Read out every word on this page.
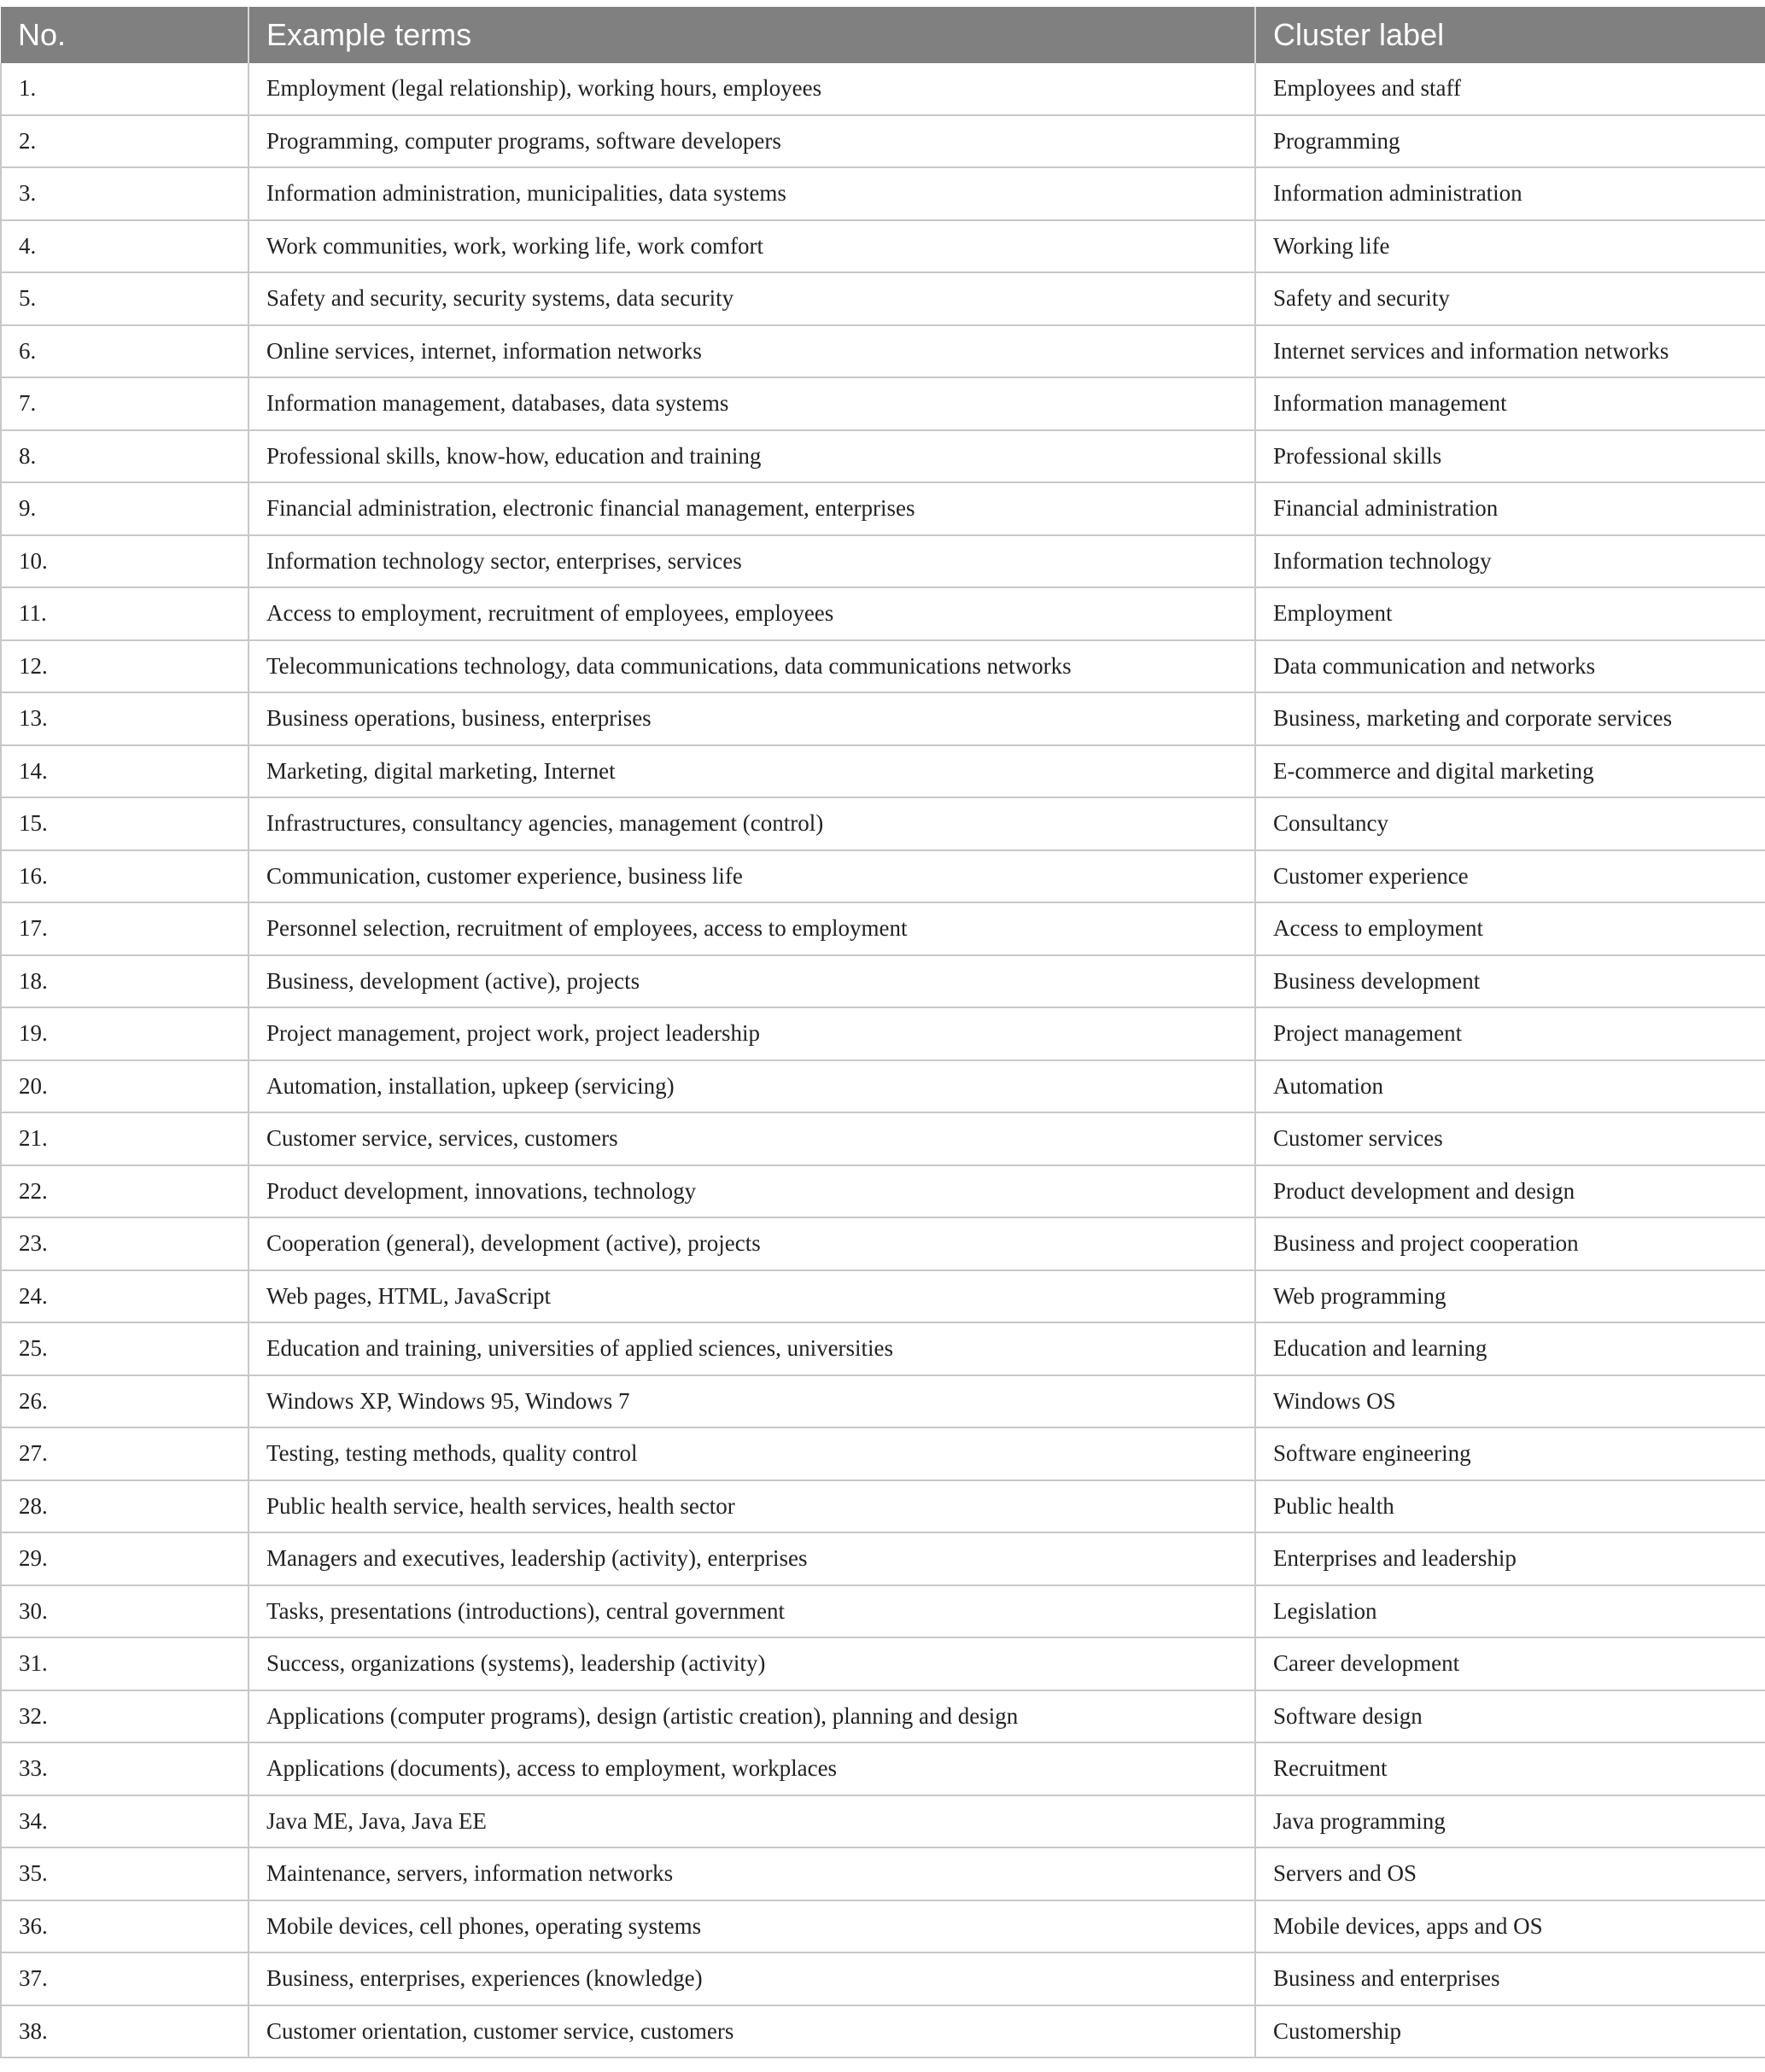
No.	Example terms	Cluster label
1.	Employment (legal relationship), working hours, employees	Employees and staff
2.	Programming, computer programs, software developers	Programming
3.	Information administration, municipalities, data systems	Information administration
4.	Work communities, work, working life, work comfort	Working life
5.	Safety and security, security systems, data security	Safety and security
6.	Online services, internet, information networks	Internet services and information networks
7.	Information management, databases, data systems	Information management
8.	Professional skills, know-how, education and training	Professional skills
9.	Financial administration, electronic financial management, enterprises	Financial administration
10.	Information technology sector, enterprises, services	Information technology
11.	Access to employment, recruitment of employees, employees	Employment
12.	Telecommunications technology, data communications, data communications networks	Data communication and networks
13.	Business operations, business, enterprises	Business, marketing and corporate services
14.	Marketing, digital marketing, Internet	E-commerce and digital marketing
15.	Infrastructures, consultancy agencies, management (control)	Consultancy
16.	Communication, customer experience, business life	Customer experience
17.	Personnel selection, recruitment of employees, access to employment	Access to employment
18.	Business, development (active), projects	Business development
19.	Project management, project work, project leadership	Project management
20.	Automation, installation, upkeep (servicing)	Automation
21.	Customer service, services, customers	Customer services
22.	Product development, innovations, technology	Product development and design
23.	Cooperation (general), development (active), projects	Business and project cooperation
24.	Web pages, HTML, JavaScript	Web programming
25.	Education and training, universities of applied sciences, universities	Education and learning
26.	Windows XP, Windows 95, Windows 7	Windows OS
27.	Testing, testing methods, quality control	Software engineering
28.	Public health service, health services, health sector	Public health
29.	Managers and executives, leadership (activity), enterprises	Enterprises and leadership
30.	Tasks, presentations (introductions), central government	Legislation
31.	Success, organizations (systems), leadership (activity)	Career development
32.	Applications (computer programs), design (artistic creation), planning and design	Software design
33.	Applications (documents), access to employment, workplaces	Recruitment
34.	Java ME, Java, Java EE	Java programming
35.	Maintenance, servers, information networks	Servers and OS
36.	Mobile devices, cell phones, operating systems	Mobile devices, apps and OS
37.	Business, enterprises, experiences (knowledge)	Business and enterprises
38.	Customer orientation, customer service, customers	Customership
